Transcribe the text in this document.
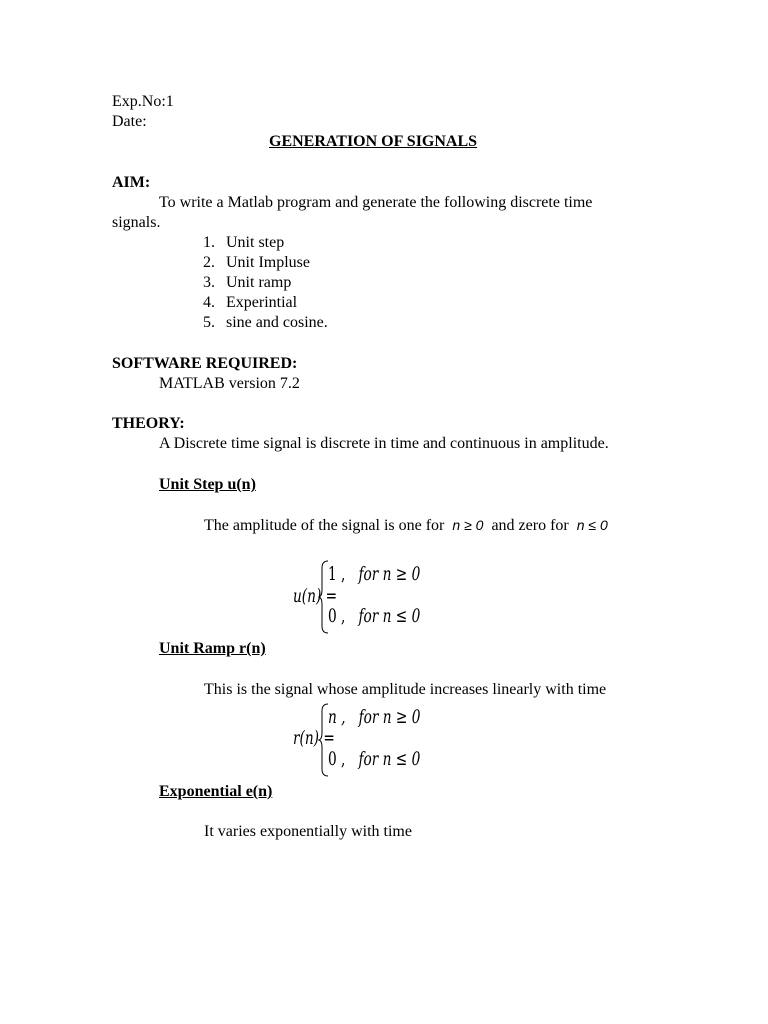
Exp.No:1
Date:
GENERATION OF SIGNALS
AIM:
To write a Matlab program and generate the following discrete time
signals.
1. Unit step
2. Unit Impluse
3. Unit ramp
4. Experintial
5. sine and cosine.
SOFTWARE REQUIRED:
MATLAB version 7.2
THEORY:
A Discrete time signal is discrete in time and continuous in amplitude.
Unit Step u(n)
The amplitude of the signal is one for n ≥ 0 and zero for n ≤ 0
u(n) =
1 , for n ≥ 0
0 , for n ≤ 0
Unit Ramp r(n)
This is the signal whose amplitude increases linearly with time
r(n) =
n , for n ≥ 0
0 , for n ≤ 0
Exponential e(n)
It varies exponentially with time
